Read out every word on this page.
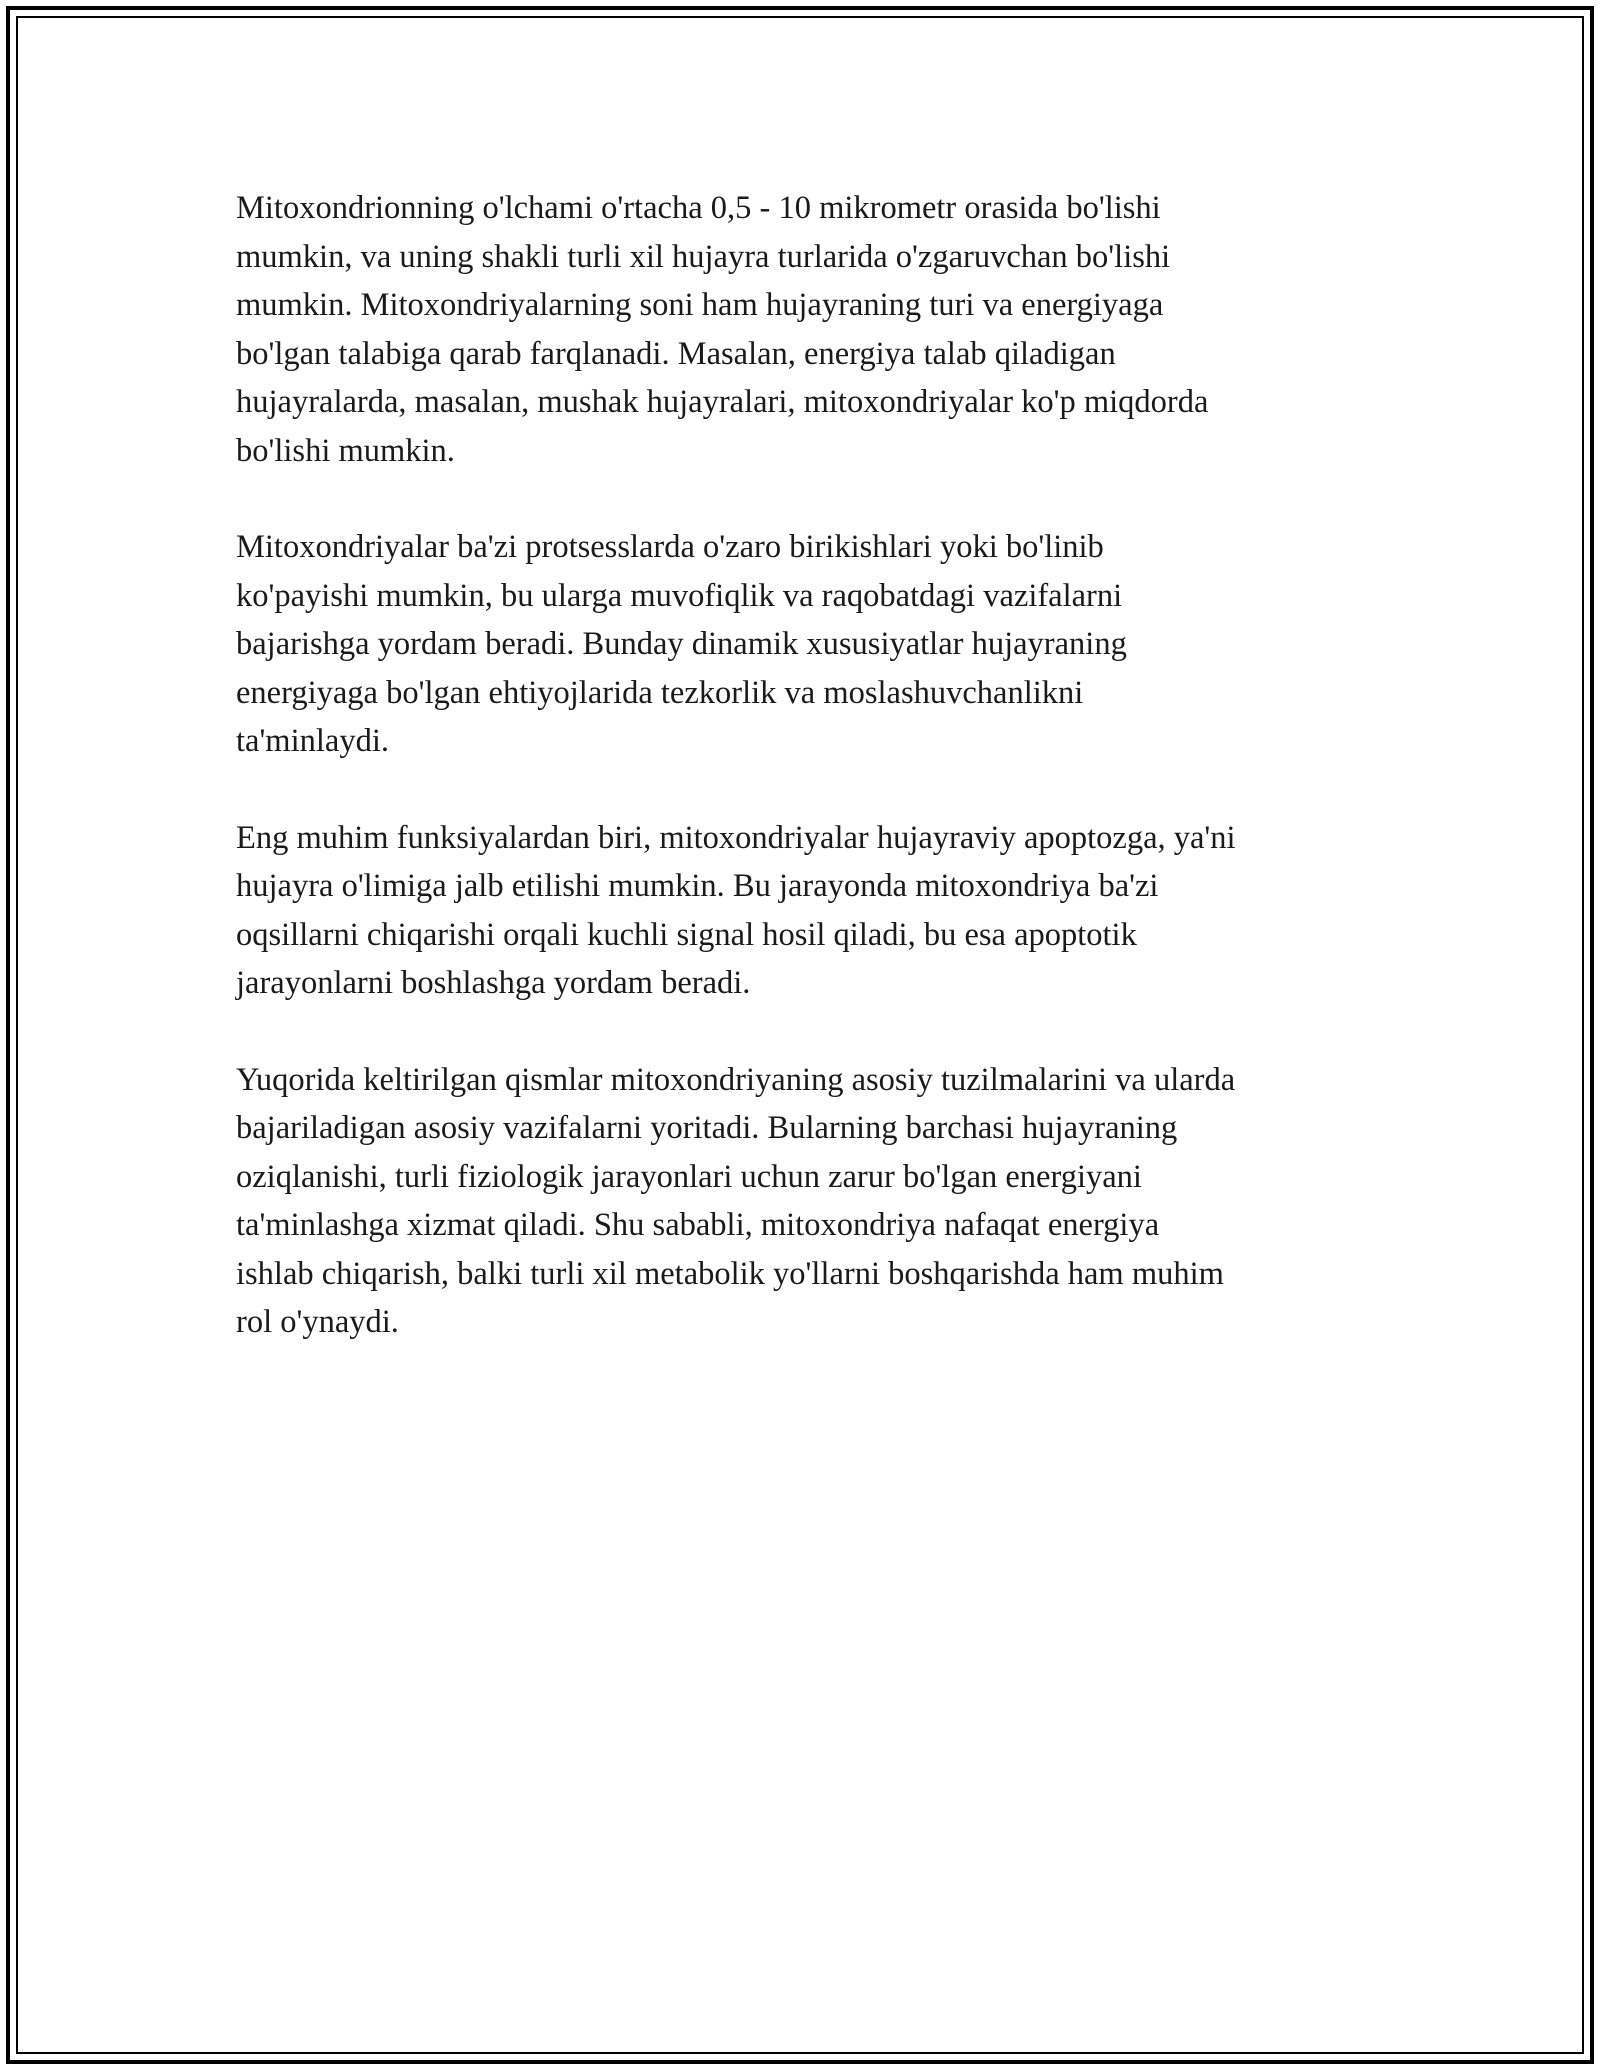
Mitoxondrionning o'lchami o'rtacha 0,5 - 10 mikrometr orasida bo'lishi
mumkin, va uning shakli turli xil hujayra turlarida o'zgaruvchan bo'lishi
mumkin. Mitoxondriyalarning soni ham hujayraning turi va energiyaga
bo'lgan talabiga qarab farqlanadi. Masalan, energiya talab qiladigan
hujayralarda, masalan, mushak hujayralari, mitoxondriyalar ko'p miqdorda
bo'lishi mumkin.

Mitoxondriyalar ba'zi protsesslarda o'zaro birikishlari yoki bo'linib
ko'payishi mumkin, bu ularga muvofiqlik va raqobatdagi vazifalarni
bajarishga yordam beradi. Bunday dinamik xususiyatlar hujayraning
energiyaga bo'lgan ehtiyojlarida tezkorlik va moslashuvchanlikni
ta'minlaydi.

Eng muhim funksiyalardan biri, mitoxondriyalar hujayraviy apoptozga, ya'ni
hujayra o'limiga jalb etilishi mumkin. Bu jarayonda mitoxondriya ba'zi
oqsillarni chiqarishi orqali kuchli signal hosil qiladi, bu esa apoptotik
jarayonlarni boshlashga yordam beradi.

Yuqorida keltirilgan qismlar mitoxondriyaning asosiy tuzilmalarini va ularda
bajariladigan asosiy vazifalarni yoritadi. Bularning barchasi hujayraning
oziqlanishi, turli fiziologik jarayonlari uchun zarur bo'lgan energiyani
ta'minlashga xizmat qiladi. Shu sababli, mitoxondriya nafaqat energiya
ishlab chiqarish, balki turli xil metabolik yo'llarni boshqarishda ham muhim
rol o'ynaydi.
